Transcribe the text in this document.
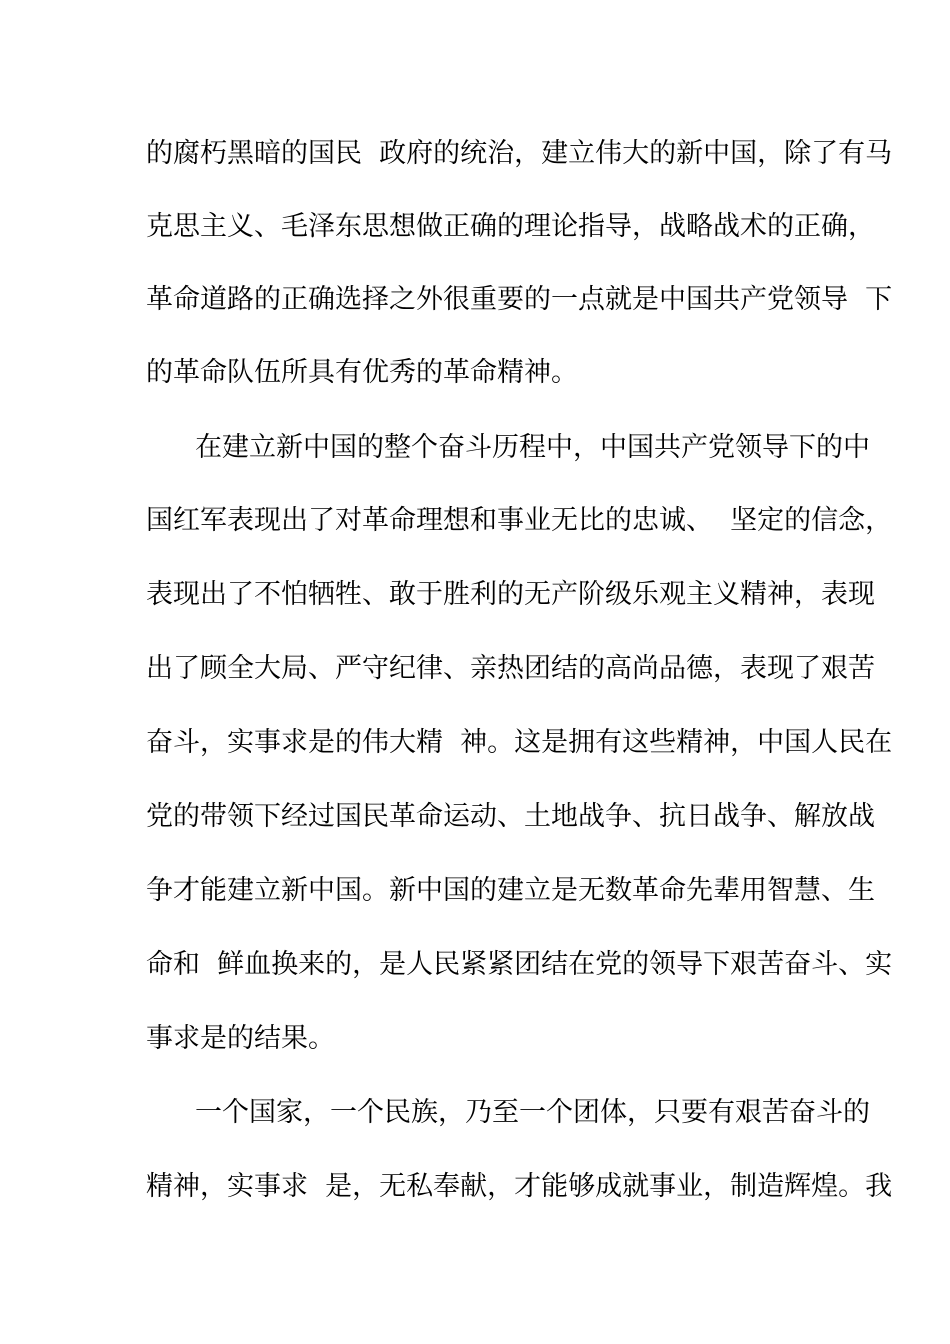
的腐朽黑暗的国民  政府的统治，建立伟大的新中国，除了有马
克思主义、毛泽东思想做正确的理论指导，战略战术的正确，
革命道路的正确选择之外很重要的一点就是中国共产党领导  下
的革命队伍所具有优秀的革命精神。
在建立新中国的整个奋斗历程中，中国共产党领导下的中
国红军表现出了对革命理想和事业无比的忠诚、  坚定的信念，
表现出了不怕牺牲、敢于胜利的无产阶级乐观主义精神，表现
出了顾全大局、严守纪律、亲热团结的高尚品德，表现了艰苦
奋斗，实事求是的伟大精  神。这是拥有这些精神，中国人民在
党的带领下经过国民革命运动、土地战争、抗日战争、解放战
争才能建立新中国。新中国的建立是无数革命先辈用智慧、生
命和  鲜血换来的，是人民紧紧团结在党的领导下艰苦奋斗、实
事求是的结果。
一个国家，一个民族，乃至一个团体，只要有艰苦奋斗的
精神，实事求  是，无私奉献，才能够成就事业，制造辉煌。我
